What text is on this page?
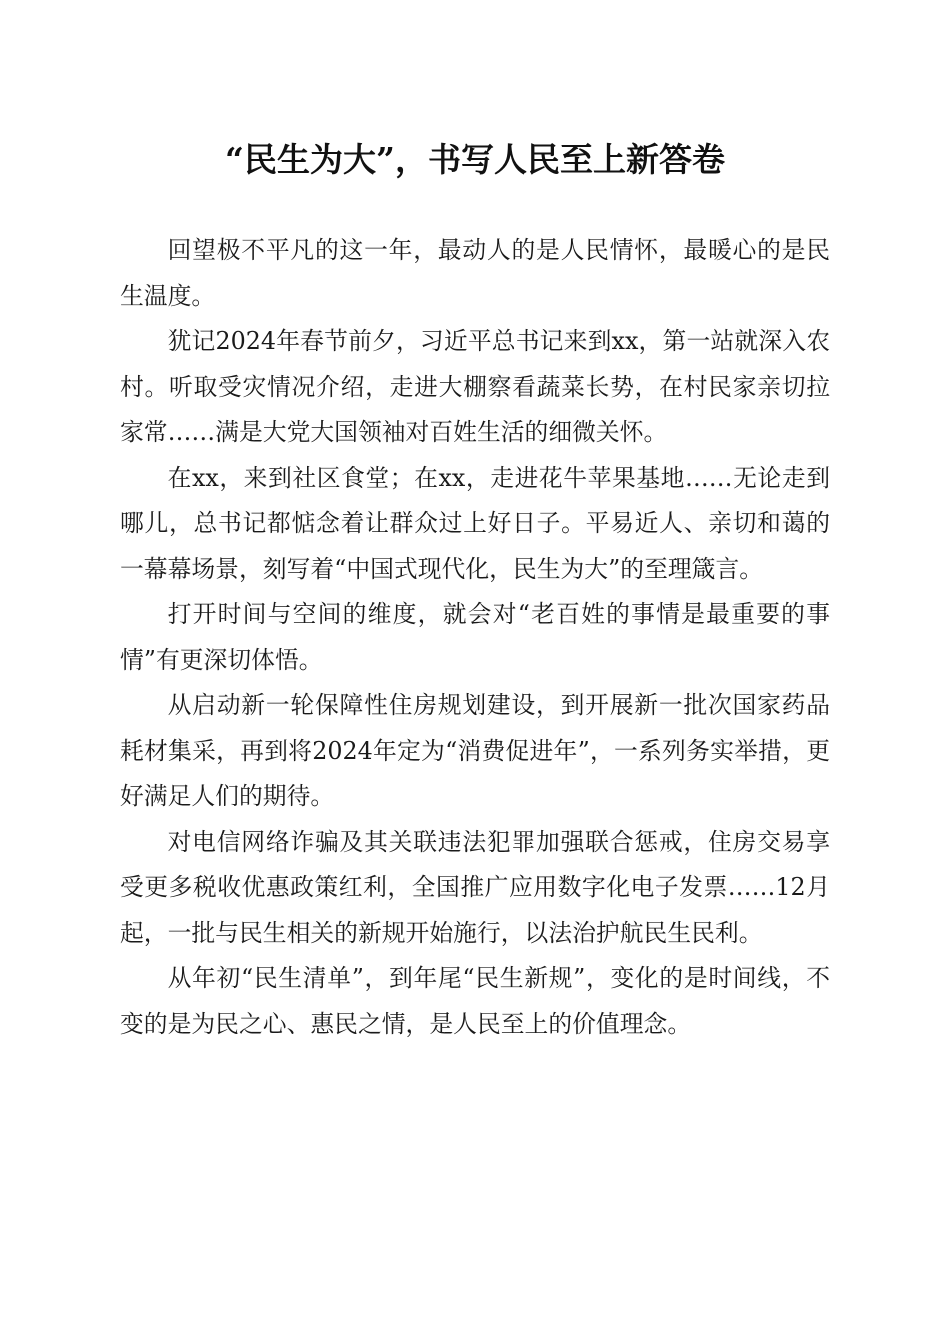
“民生为大”，书写人民至上新答卷

回望极不平凡的这一年，最动人的是人民情怀，最暖心的是民生温度。

犹记2024年春节前夕，习近平总书记来到xx，第一站就深入农村。听取受灾情况介绍，走进大棚察看蔬菜长势，在村民家亲切拉家常……满是大党大国领袖对百姓生活的细微关怀。

在xx，来到社区食堂；在xx，走进花牛苹果基地……无论走到哪儿，总书记都惦念着让群众过上好日子。平易近人、亲切和蔼的一幕幕场景，刻写着“中国式现代化，民生为大”的至理箴言。

打开时间与空间的维度，就会对“老百姓的事情是最重要的事情”有更深切体悟。

从启动新一轮保障性住房规划建设，到开展新一批次国家药品耗材集采，再到将2024年定为“消费促进年”，一系列务实举措，更好满足人们的期待。

对电信网络诈骗及其关联违法犯罪加强联合惩戒，住房交易享受更多税收优惠政策红利，全国推广应用数字化电子发票……12月起，一批与民生相关的新规开始施行，以法治护航民生民利。

从年初“民生清单”，到年尾“民生新规”，变化的是时间线，不变的是为民之心、惠民之情，是人民至上的价值理念。
